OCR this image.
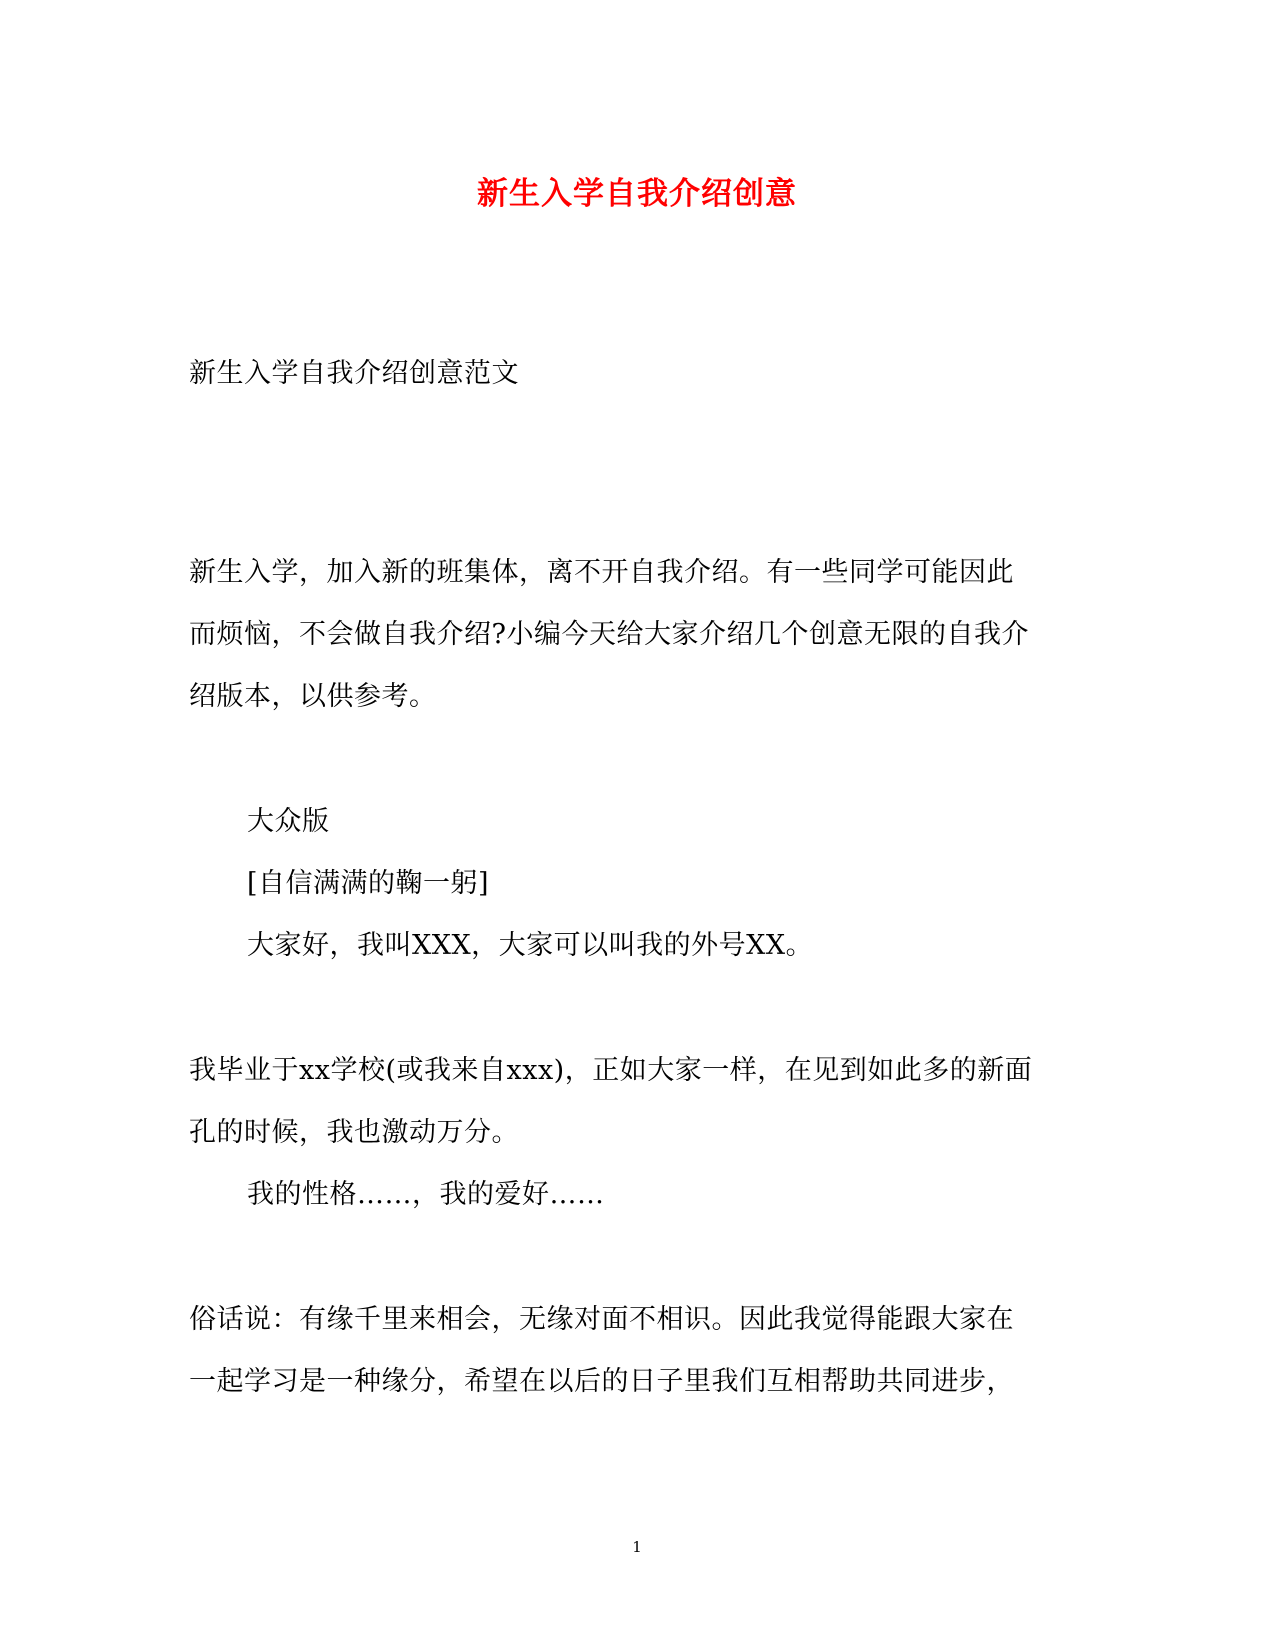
新生入学自我介绍创意
新生入学自我介绍创意范文
新生入学，加入新的班集体，离不开自我介绍。有一些同学可能因此
而烦恼，不会做自我介绍?小编今天给大家介绍几个创意无限的自我介
绍版本，以供参考。
大众版
[自信满满的鞠一躬]
大家好，我叫XXX，大家可以叫我的外号XX。
我毕业于xx学校(或我来自xxx)，正如大家一样，在见到如此多的新面
孔的时候，我也激动万分。
我的性格……，我的爱好……
俗话说：有缘千里来相会，无缘对面不相识。因此我觉得能跟大家在
一起学习是一种缘分，希望在以后的日子里我们互相帮助共同进步，
1
